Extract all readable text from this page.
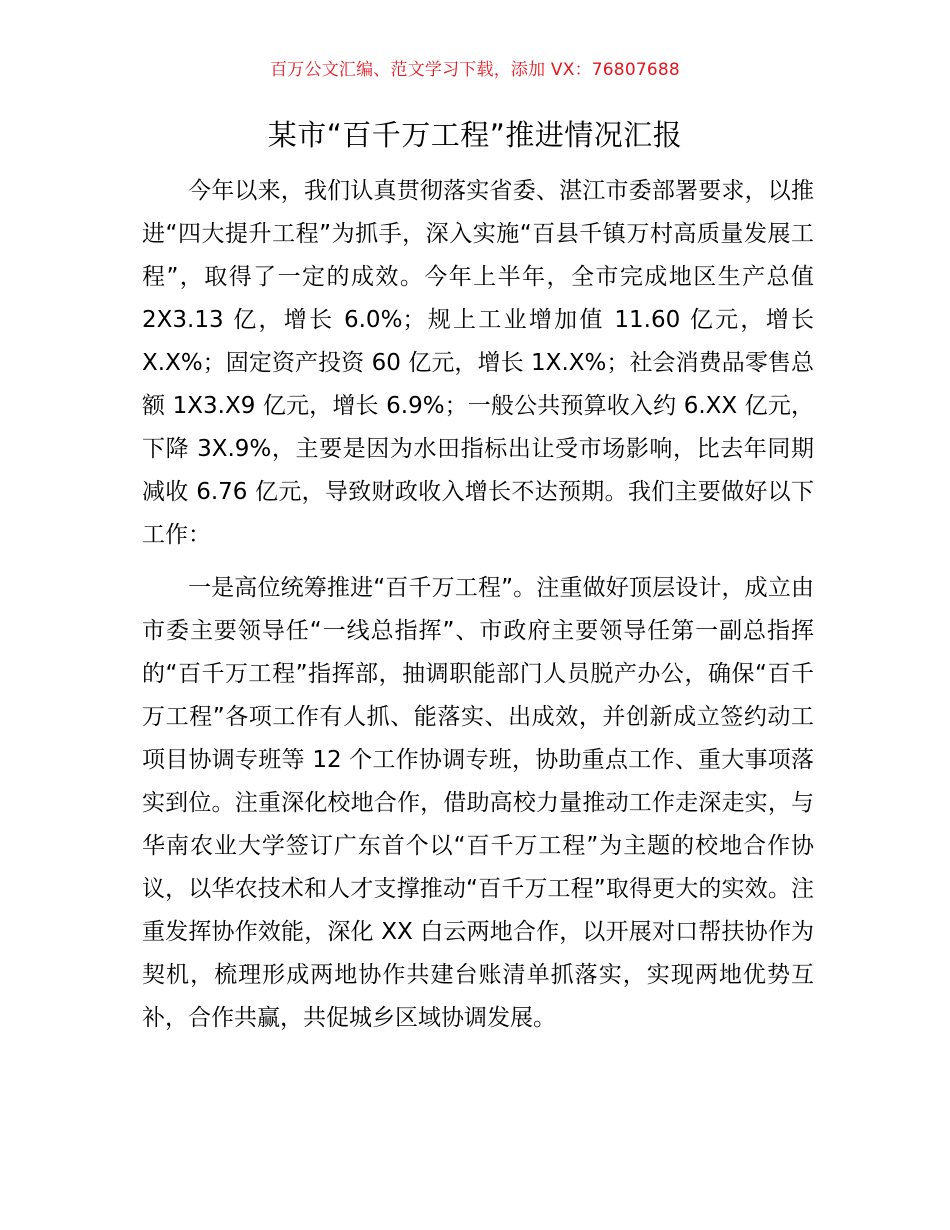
百万公文汇编、范文学习下载，添加 VX：76807688
某市“百千万工程”推进情况汇报

今年以来，我们认真贯彻落实省委、湛江市委部署要求，以推进“四大提升工程”为抓手，深入实施“百县千镇万村高质量发展工程”，取得了一定的成效。今年上半年，全市完成地区生产总值 2X3.13 亿，增长 6.0%；规上工业增加值 11.60 亿元，增长 X.X%；固定资产投资 60 亿元，增长 1X.X%；社会消费品零售总额 1X3.X9 亿元，增长 6.9%；一般公共预算收入约 6.XX 亿元，下降 3X.9%，主要是因为水田指标出让受市场影响，比去年同期减收 6.76 亿元，导致财政收入增长不达预期。我们主要做好以下工作：

一是高位统筹推进“百千万工程”。注重做好顶层设计，成立由市委主要领导任“一线总指挥”、市政府主要领导任第一副总指挥的“百千万工程”指挥部，抽调职能部门人员脱产办公，确保“百千万工程”各项工作有人抓、能落实、出成效，并创新成立签约动工项目协调专班等 12 个工作协调专班，协助重点工作、重大事项落实到位。注重深化校地合作，借助高校力量推动工作走深走实，与华南农业大学签订广东首个以“百千万工程”为主题的校地合作协议，以华农技术和人才支撑推动“百千万工程”取得更大的实效。注重发挥协作效能，深化 XX 白云两地合作，以开展对口帮扶协作为契机，梳理形成两地协作共建台账清单抓落实，实现两地优势互补，合作共赢，共促城乡区域协调发展。
